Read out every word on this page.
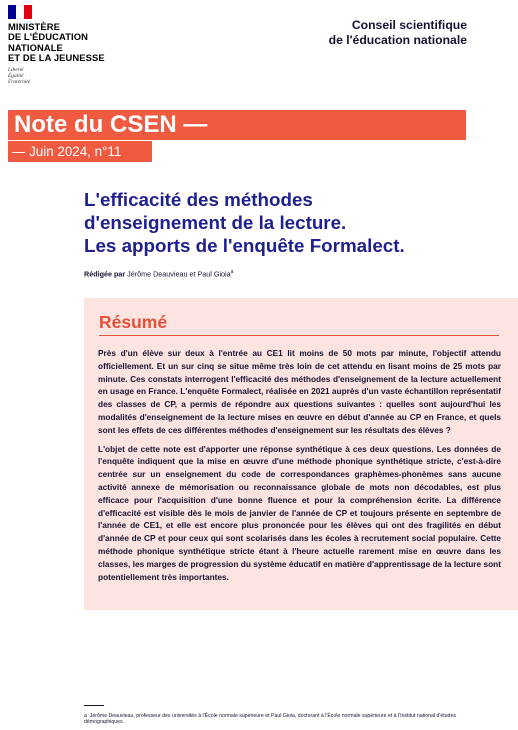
MINISTÈRE
DE L'ÉDUCATION
NATIONALE
ET DE LA JEUNESSE
Liberté
Égalité
Fraternité
Conseil scientifique
de l'éducation nationale
Note du CSEN —
— Juin 2024, n°11
L'efficacité des méthodes
d'enseignement de la lecture.
Les apports de l'enquête Formalect.
Rédigée par Jérôme Deauvieau et Paul Gioia$^a$
Résumé

Près d'un élève sur deux à l'entrée au CE1 lit moins de 50 mots par minute, l'objectif attendu officiellement. Et un sur cinq se situe même très loin de cet attendu en lisant moins de 25 mots par minute. Ces constats interrogent l'efficacité des méthodes d'enseignement de la lecture actuellement en usage en France. L'enquête Formalect, réalisée en 2021 auprès d'un vaste échantillon représentatif des classes de CP, a permis de répondre aux questions suivantes : quelles sont aujourd'hui les modalités d'enseignement de la lecture mises en œuvre en début d'année au CP en France, et quels sont les effets de ces différentes méthodes d'enseignement sur les résultats des élèves ?

L'objet de cette note est d'apporter une réponse synthétique à ces deux questions. Les données de l'enquête indiquent que la mise en œuvre d'une méthode phonique synthétique stricte, c'est-à-dire centrée sur un enseignement du code de correspondances graphèmes-phonèmes sans aucune activité annexe de mémorisation ou reconnaissance globale de mots non décodables, est plus efficace pour l'acquisition d'une bonne fluence et pour la compréhension écrite. La différence d'efficacité est visible dès le mois de janvier de l'année de CP et toujours présente en septembre de l'année de CE1, et elle est encore plus prononcée pour les élèves qui ont des fragilités en début d'année de CP et pour ceux qui sont scolarisés dans les écoles à recrutement social populaire. Cette méthode phonique synthétique stricte étant à l'heure actuelle rarement mise en œuvre dans les classes, les marges de progression du système éducatif en matière d'apprentissage de la lecture sont potentiellement très importantes.

a Jérôme Deauvieau, professeur des universités à l'École normale supérieure et Paul Gioia, doctorant à l'École normale supérieure et à l'Institut national d'études démographiques.
